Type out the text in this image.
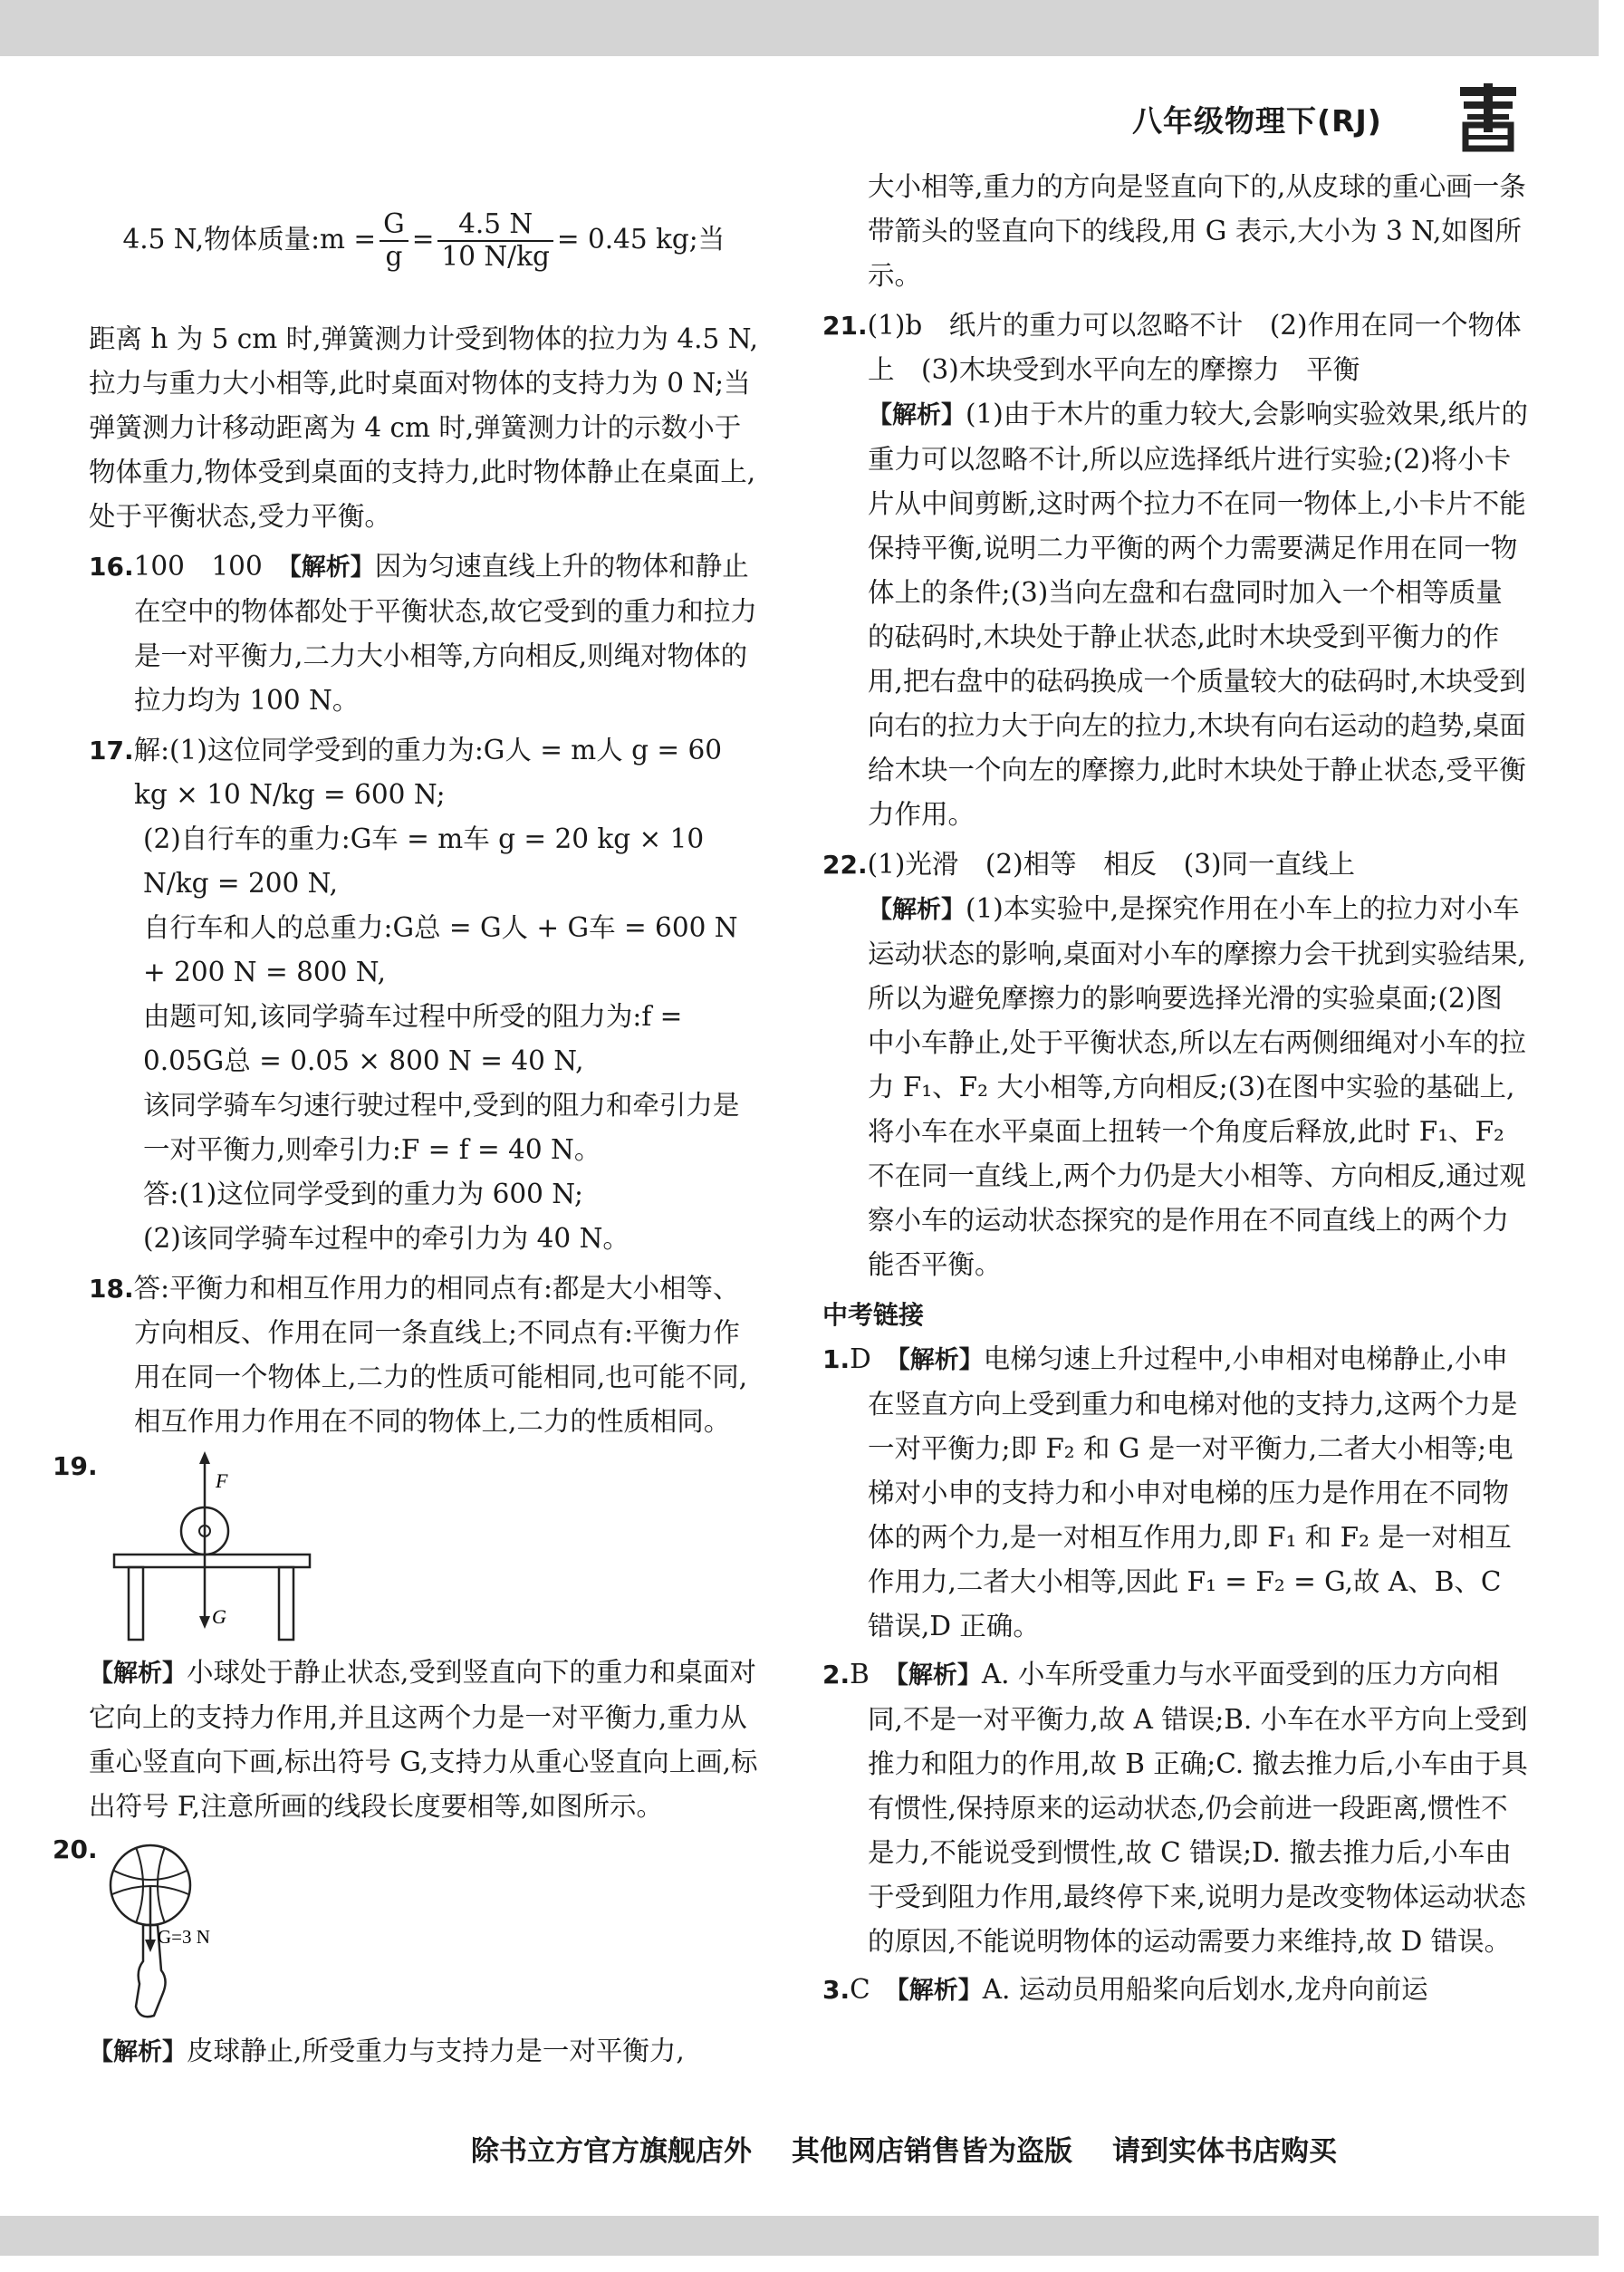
八年级物理下(RJ)

4.5 N,物体质量:m = $\frac{G}{g} = \frac{4.5 N}{10 N/kg} = 0.45$ kg;当

距离 h 为 5 cm 时,弹簧测力计受到物体的拉力为 4.5 N,拉力与重力大小相等,此时桌面对物体的支持力为 0 N;当弹簧测力计移动距离为 4 cm 时,弹簧测力计的示数小于物体重力,物体受到桌面的支持力,此时物体静止在桌面上,处于平衡状态,受力平衡。

16.100　100　 【解析】因为匀速直线上升的物体和静止在空中的物体都处于平衡状态,故它受到的重力和拉力是一对平衡力,二力大小相等,方向相反,则绳对物体的拉力均为 100 N。

17.解:(1)这位同学受到的重力为:G人 = m人 g = 60 kg × 10 N/kg = 600 N;

(2)自行车的重力:G车 = m车 g = 20 kg × 10 N/kg = 200 N,

自行车和人的总重力:G总 = G人 + G车 = 600 N + 200 N = 800 N,

由题可知,该同学骑车过程中所受的阻力为:f = 0.05G总 = 0.05 × 800 N = 40 N,

该同学骑车匀速行驶过程中,受到的阻力和牵引力是一对平衡力,则牵引力:F = f = 40 N。

答:(1)这位同学受到的重力为 600 N;

(2)该同学骑车过程中的牵引力为 40 N。

18.答:平衡力和相互作用力的相同点有:都是大小相等、方向相反、作用在同一条直线上;不同点有:平衡力作用在同一个物体上,二力的性质可能相同,也可能不同,相互作用力作用在不同的物体上,二力的性质相同。

19.	F
G

【解析】小球处于静止状态,受到竖直向下的重力和桌面对它向上的支持力作用,并且这两个力是一对平衡力,重力从重心竖直向下画,标出符号 G,支持力从重心竖直向上画,标出符号 F,注意所画的线段长度要相等,如图所示。

20.
G=3 N

【解析】皮球静止,所受重力与支持力是一对平衡力,

大小相等,重力的方向是竖直向下的,从皮球的重心画一条带箭头的竖直向下的线段,用 G 表示,大小为 3 N,如图所示。

21.(1)b　纸片的重力可以忽略不计　(2)作用在同一个物体上　(3)木块受到水平向左的摩擦力　平衡

【解析】(1)由于木片的重力较大,会影响实验效果,纸片的重力可以忽略不计,所以应选择纸片进行实验;(2)将小卡片从中间剪断,这时两个拉力不在同一物体上,小卡片不能保持平衡,说明二力平衡的两个力需要满足作用在同一物体上的条件;(3)当向左盘和右盘同时加入一个相等质量的砝码时,木块处于静止状态,此时木块受到平衡力的作用,把右盘中的砝码换成一个质量较大的砝码时,木块受到向右的拉力大于向左的拉力,木块有向右运动的趋势,桌面给木块一个向左的摩擦力,此时木块处于静止状态,受平衡力作用。

22.(1)光滑　(2)相等　相反　(3)同一直线上

【解析】(1)本实验中,是探究作用在小车上的拉力对小车运动状态的影响,桌面对小车的摩擦力会干扰到实验结果,所以为避免摩擦力的影响要选择光滑的实验桌面;(2)图中小车静止,处于平衡状态,所以左右两侧细绳对小车的拉力 F₁、F₂ 大小相等,方向相反;(3)在图中实验的基础上,将小车在水平桌面上扭转一个角度后释放,此时 F₁、F₂ 不在同一直线上,两个力仍是大小相等、方向相反,通过观察小车的运动状态探究的是作用在不同直线上的两个力能否平衡。

中考链接

1.D　 【解析】电梯匀速上升过程中,小申相对电梯静止,小申在竖直方向上受到重力和电梯对他的支持力,这两个力是一对平衡力;即 F₂ 和 G 是一对平衡力,二者大小相等;电梯对小申的支持力和小申对电梯的压力是作用在不同物体的两个力,是一对相互作用力,即 F₁ 和 F₂ 是一对相互作用力,二者大小相等,因此 F₁ = F₂ = G,故 A、B、C 错误,D 正确。

2.B　 【解析】A. 小车所受重力与水平面受到的压力方向相同,不是一对平衡力,故 A 错误;B. 小车在水平方向上受到推力和阻力的作用,故 B 正确;C. 撤去推力后,小车由于具有惯性,保持原来的运动状态,仍会前进一段距离,惯性不是力,不能说受到惯性,故 C 错误;D. 撤去推力后,小车由于受到阻力作用,最终停下来,说明力是改变物体运动状态的原因,不能说明物体的运动需要力来维持,故 D 错误。

3.C　 【解析】A. 运动员用船桨向后划水,龙舟向前运

除书立方官方旗舰店外 其他网店销售皆为盗版 请到实体书店购买
